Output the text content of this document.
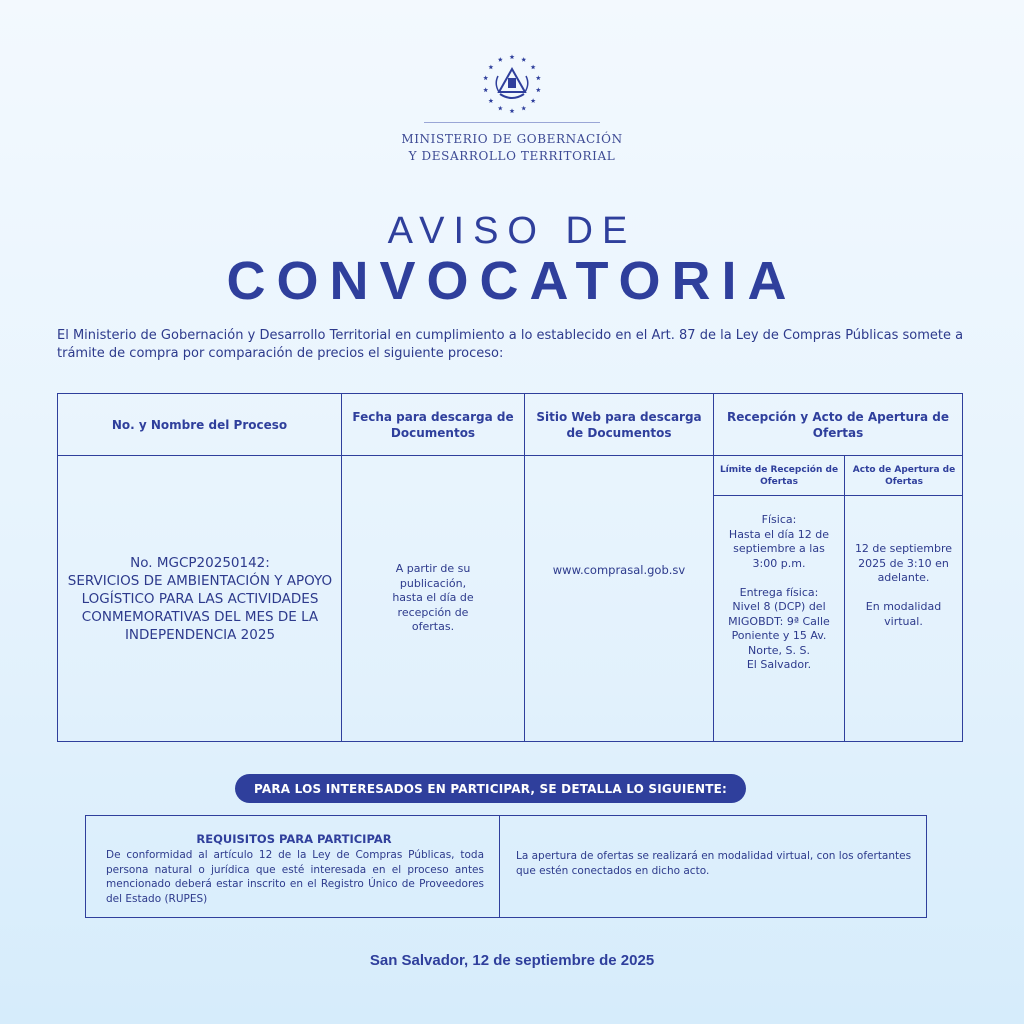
MINISTERIO DE GOBERNACIÓN
Y DESARROLLO TERRITORIAL
AVISO DE
CONVOCATORIA
El Ministerio de Gobernación y Desarrollo Territorial en cumplimiento a lo establecido en el Art. 87 de la Ley de Compras Públicas somete a trámite de compra por comparación de precios el siguiente proceso:
No. y Nombre del Proceso
Fecha para descarga de Documentos
Sitio Web para descarga de Documentos
Recepción y Acto de Apertura de Ofertas
Límite de Recepción de Ofertas
Acto de Apertura de Ofertas
No. MGCP20250142:
SERVICIOS DE AMBIENTACIÓN Y APOYO LOGÍSTICO PARA LAS ACTIVIDADES CONMEMORATIVAS DEL MES DE LA INDEPENDENCIA 2025
A partir de su
publicación,
hasta el día de
recepción de
ofertas.
www.comprasal.gob.sv
Física:
Hasta el día 12 de
septiembre a las
3:00 p.m.

Entrega física:
Nivel 8 (DCP) del
MIGOBDT: 9ª Calle
Poniente y 15 Av.
Norte, S. S.
El Salvador.
12 de septiembre
2025 de 3:10 en
adelante.

En modalidad
virtual.
PARA LOS INTERESADOS EN PARTICIPAR, SE DETALLA LO SIGUIENTE:
REQUISITOS PARA PARTICIPAR
De conformidad al artículo 12 de la Ley de Compras Públicas, toda persona natural o jurídica que esté interesada en el proceso antes mencionado deberá estar inscrito en el Registro Único de Proveedores del Estado (RUPES)
La apertura de ofertas se realizará en modalidad virtual, con los ofertantes que estén conectados en dicho acto.
San Salvador, 12 de septiembre de 2025
